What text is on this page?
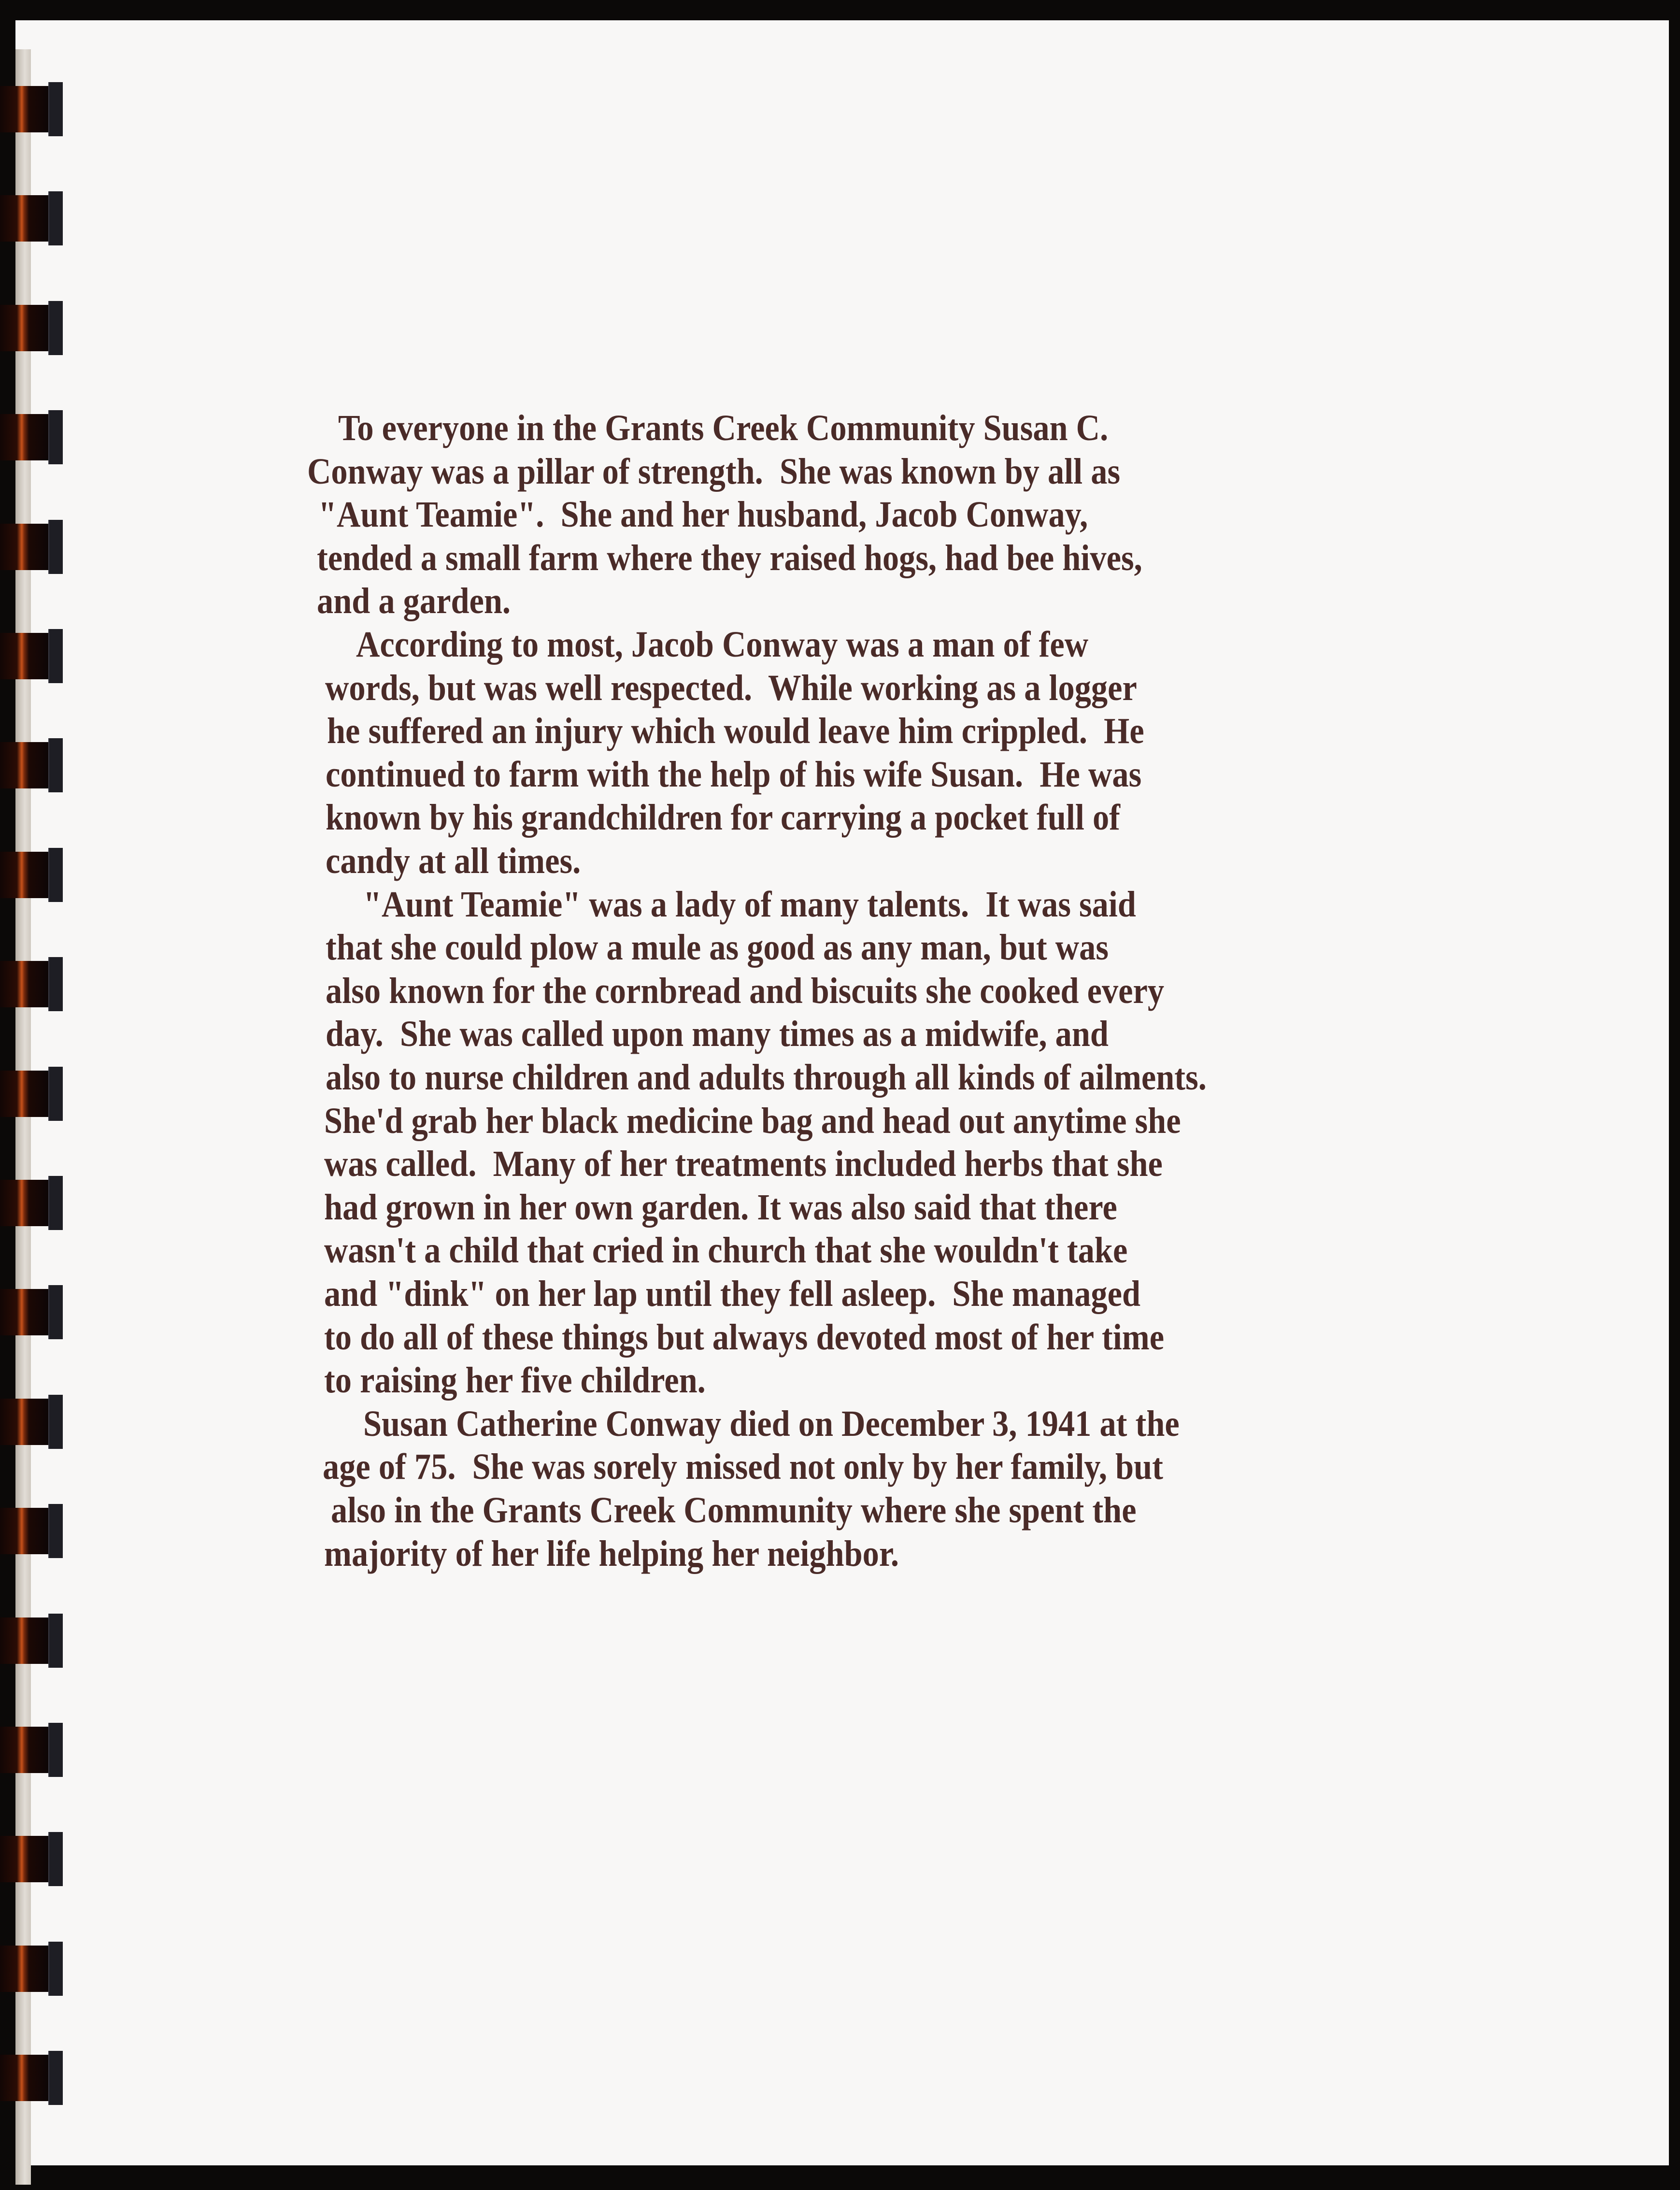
To everyone in the Grants Creek Community Susan C.
Conway was a pillar of strength.  She was known by all as
"Aunt Teamie".  She and her husband, Jacob Conway,
tended a small farm where they raised hogs, had bee hives,
and a garden.
According to most, Jacob Conway was a man of few
words, but was well respected.  While working as a logger
he suffered an injury which would leave him crippled.  He
continued to farm with the help of his wife Susan.  He was
known by his grandchildren for carrying a pocket full of
candy at all times.
"Aunt Teamie" was a lady of many talents.  It was said
that she could plow a mule as good as any man, but was
also known for the cornbread and biscuits she cooked every
day.  She was called upon many times as a midwife, and
also to nurse children and adults through all kinds of ailments.
She'd grab her black medicine bag and head out anytime she
was called.  Many of her treatments included herbs that she
had grown in her own garden. It was also said that there
wasn't a child that cried in church that she wouldn't take
and "dink" on her lap until they fell asleep.  She managed
to do all of these things but always devoted most of her time
to raising her five children.
Susan Catherine Conway died on December 3, 1941 at the
age of 75.  She was sorely missed not only by her family, but
also in the Grants Creek Community where she spent the
majority of her life helping her neighbor.
